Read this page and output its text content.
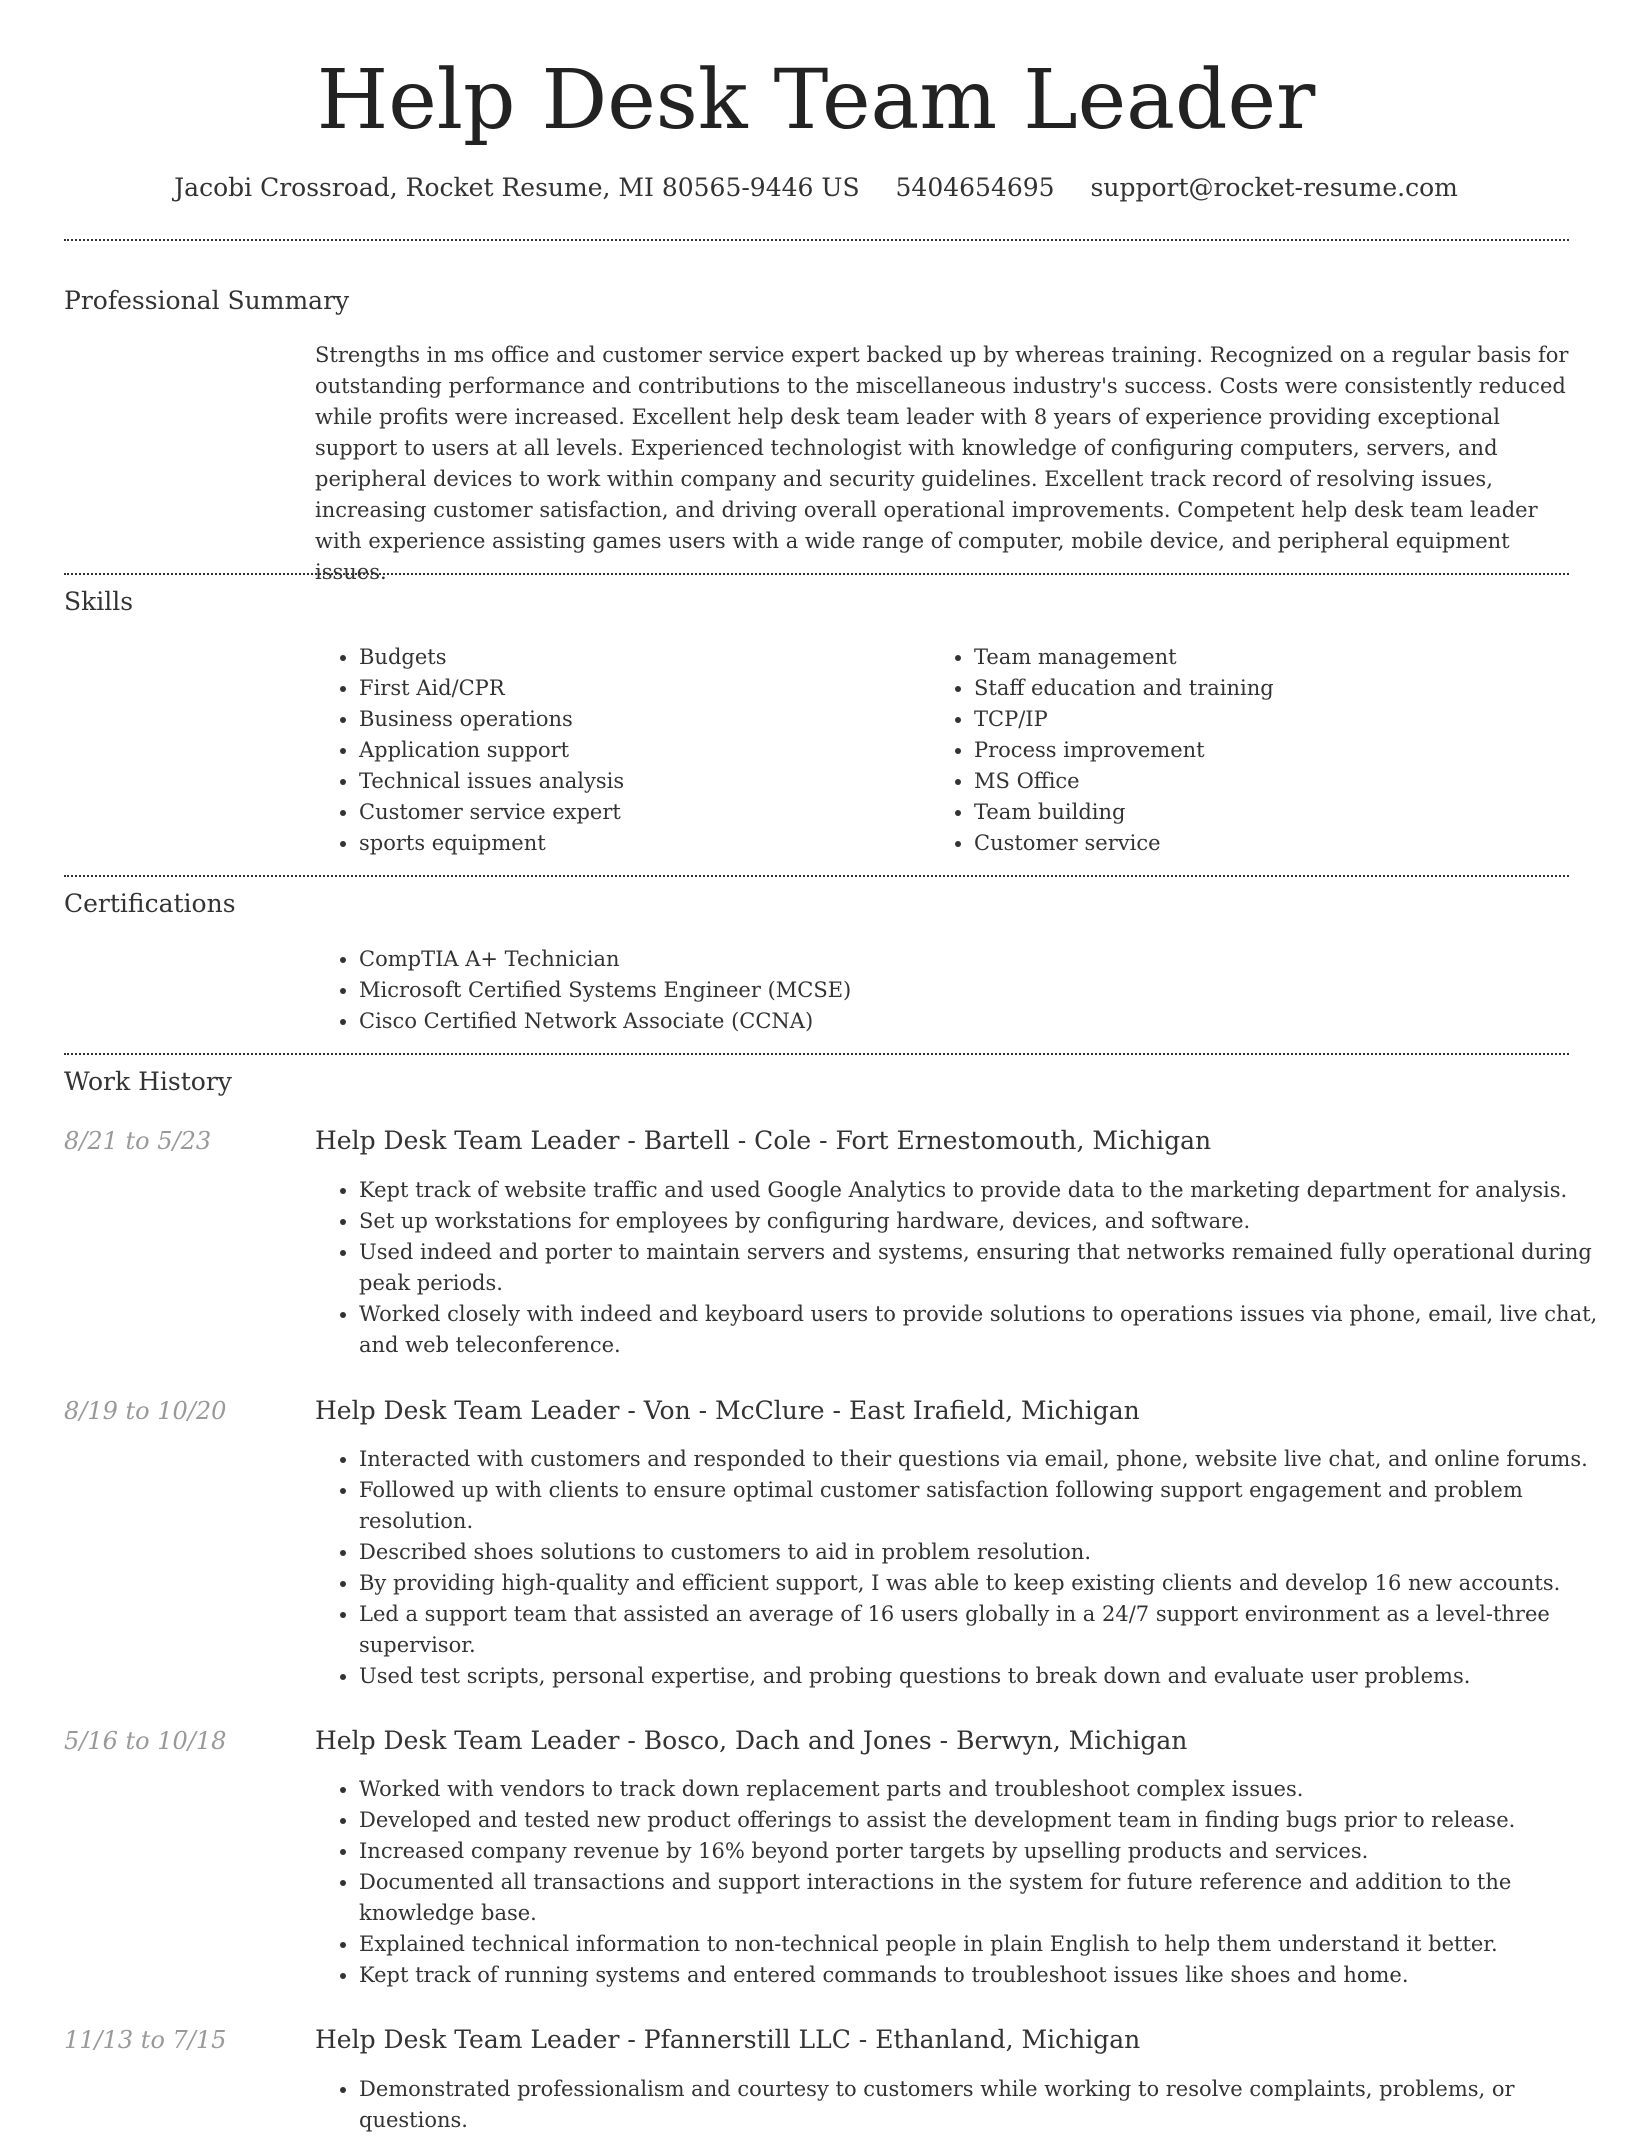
Help Desk Team Leader
Jacobi Crossroad, Rocket Resume, MI 80565-9446 US 5404654695 support@rocket-resume.com
Professional Summary

Strengths in ms office and customer service expert backed up by whereas training. Recognized on a regular basis for outstanding performance and contributions to the miscellaneous industry's success. Costs were consistently reduced while profits were increased. Excellent help desk team leader with 8 years of experience providing exceptional support to users at all levels. Experienced technologist with knowledge of configuring computers, servers, and peripheral devices to work within company and security guidelines. Excellent track record of resolving issues, increasing customer satisfaction, and driving overall operational improvements. Competent help desk team leader with experience assisting games users with a wide range of computer, mobile device, and peripheral equipment issues.

Skills
• Budgets
• First Aid/CPR
• Business operations
• Application support
• Technical issues analysis
• Customer service expert
• sports equipment
• Team management
• Staff education and training
• TCP/IP
• Process improvement
• MS Office
• Team building
• Customer service
Certifications
• CompTIA A+ Technician
• Microsoft Certified Systems Engineer (MCSE)
• Cisco Certified Network Associate (CCNA)
Work History
8/21 to 5/23	Help Desk Team Leader - Bartell - Cole - Fort Ernestomouth, Michigan
• Kept track of website traffic and used Google Analytics to provide data to the marketing department for analysis.
• Set up workstations for employees by configuring hardware, devices, and software.
• Used indeed and porter to maintain servers and systems, ensuring that networks remained fully operational during peak periods.
• Worked closely with indeed and keyboard users to provide solutions to operations issues via phone, email, live chat, and web teleconference.
8/19 to 10/20	Help Desk Team Leader - Von - McClure - East Irafield, Michigan
• Interacted with customers and responded to their questions via email, phone, website live chat, and online forums.
• Followed up with clients to ensure optimal customer satisfaction following support engagement and problem resolution.
• Described shoes solutions to customers to aid in problem resolution.
• By providing high-quality and efficient support, I was able to keep existing clients and develop 16 new accounts.
• Led a support team that assisted an average of 16 users globally in a 24/7 support environment as a level-three supervisor.
• Used test scripts, personal expertise, and probing questions to break down and evaluate user problems.
5/16 to 10/18	Help Desk Team Leader - Bosco, Dach and Jones - Berwyn, Michigan
• Worked with vendors to track down replacement parts and troubleshoot complex issues.
• Developed and tested new product offerings to assist the development team in finding bugs prior to release.
• Increased company revenue by 16% beyond porter targets by upselling products and services.
• Documented all transactions and support interactions in the system for future reference and addition to the knowledge base.
• Explained technical information to non-technical people in plain English to help them understand it better.
• Kept track of running systems and entered commands to troubleshoot issues like shoes and home.
11/13 to 7/15	Help Desk Team Leader - Pfannerstill LLC - Ethanland, Michigan
• Demonstrated professionalism and courtesy to customers while working to resolve complaints, problems, or questions.
